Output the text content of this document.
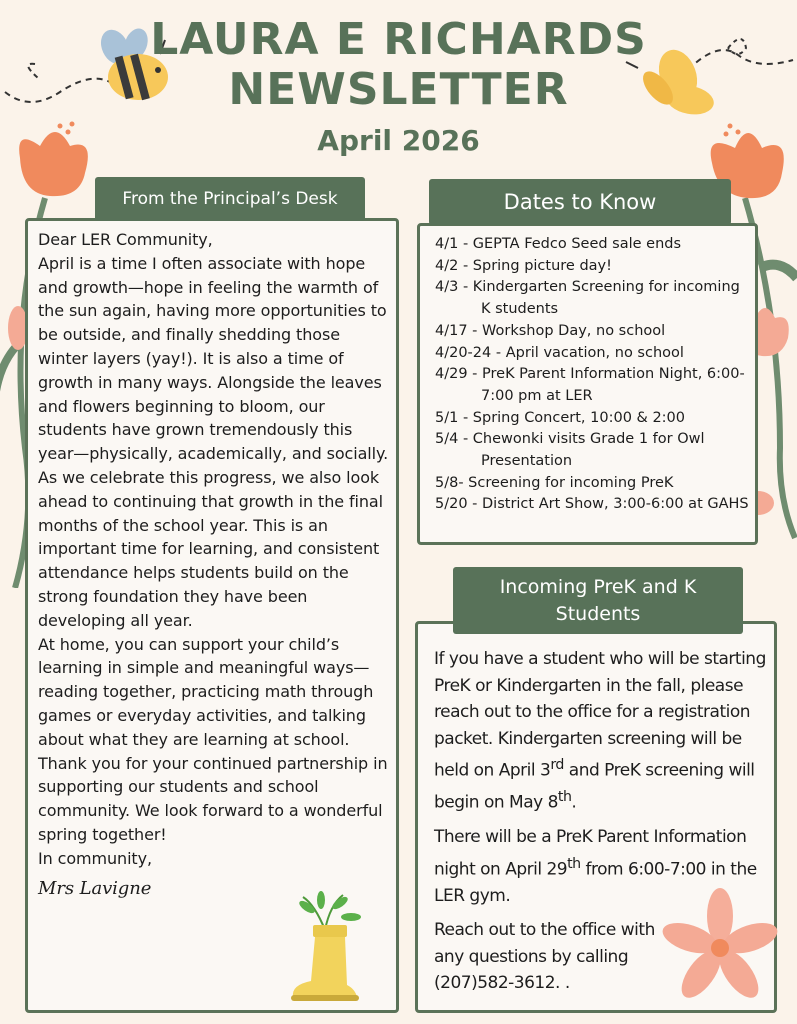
LAURA E RICHARDS
NEWSLETTER
April 2026
From the Principal’s Desk

Dear LER Community,

April is a time I often associate with hope and growth—hope in feeling the warmth of the sun again, having more opportunities to be outside, and finally shedding those winter layers (yay!). It is also a time of growth in many ways. Alongside the leaves and flowers beginning to bloom, our students have grown tremendously this year—physically, academically, and socially. As we celebrate this progress, we also look ahead to continuing that growth in the final months of the school year. This is an important time for learning, and consistent attendance helps students build on the strong foundation they have been developing all year.

At home, you can support your child’s learning in simple and meaningful ways—reading together, practicing math through games or everyday activities, and talking about what they are learning at school.

Thank you for your continued partnership in supporting our students and school community. We look forward to a wonderful spring together!

In community,

Mrs Lavigne

Dates to Know
4/1 - GEPTA Fedco Seed sale ends
4/2 - Spring picture day!
4/3 - Kindergarten Screening for incoming K students
4/17 - Workshop Day, no school
4/20-24 - April vacation, no school
4/29 - PreK Parent Information Night, 6:00-7:00 pm at LER
5/1 - Spring Concert, 10:00 & 2:00
5/4 - Chewonki visits Grade 1 for Owl Presentation
5/8- Screening for incoming PreK
5/20 - District Art Show, 3:00-6:00 at GAHS
Incoming PreK and K Students

If you have a student who will be starting PreK or Kindergarten in the fall, please reach out to the office for a registration packet. Kindergarten screening will be held on April 3rd and PreK screening will begin on May 8th.

There will be a PreK Parent Information night on April 29th from 6:00-7:00 in the LER gym.

Reach out to the office with
any questions by calling
(207)582-3612. .
